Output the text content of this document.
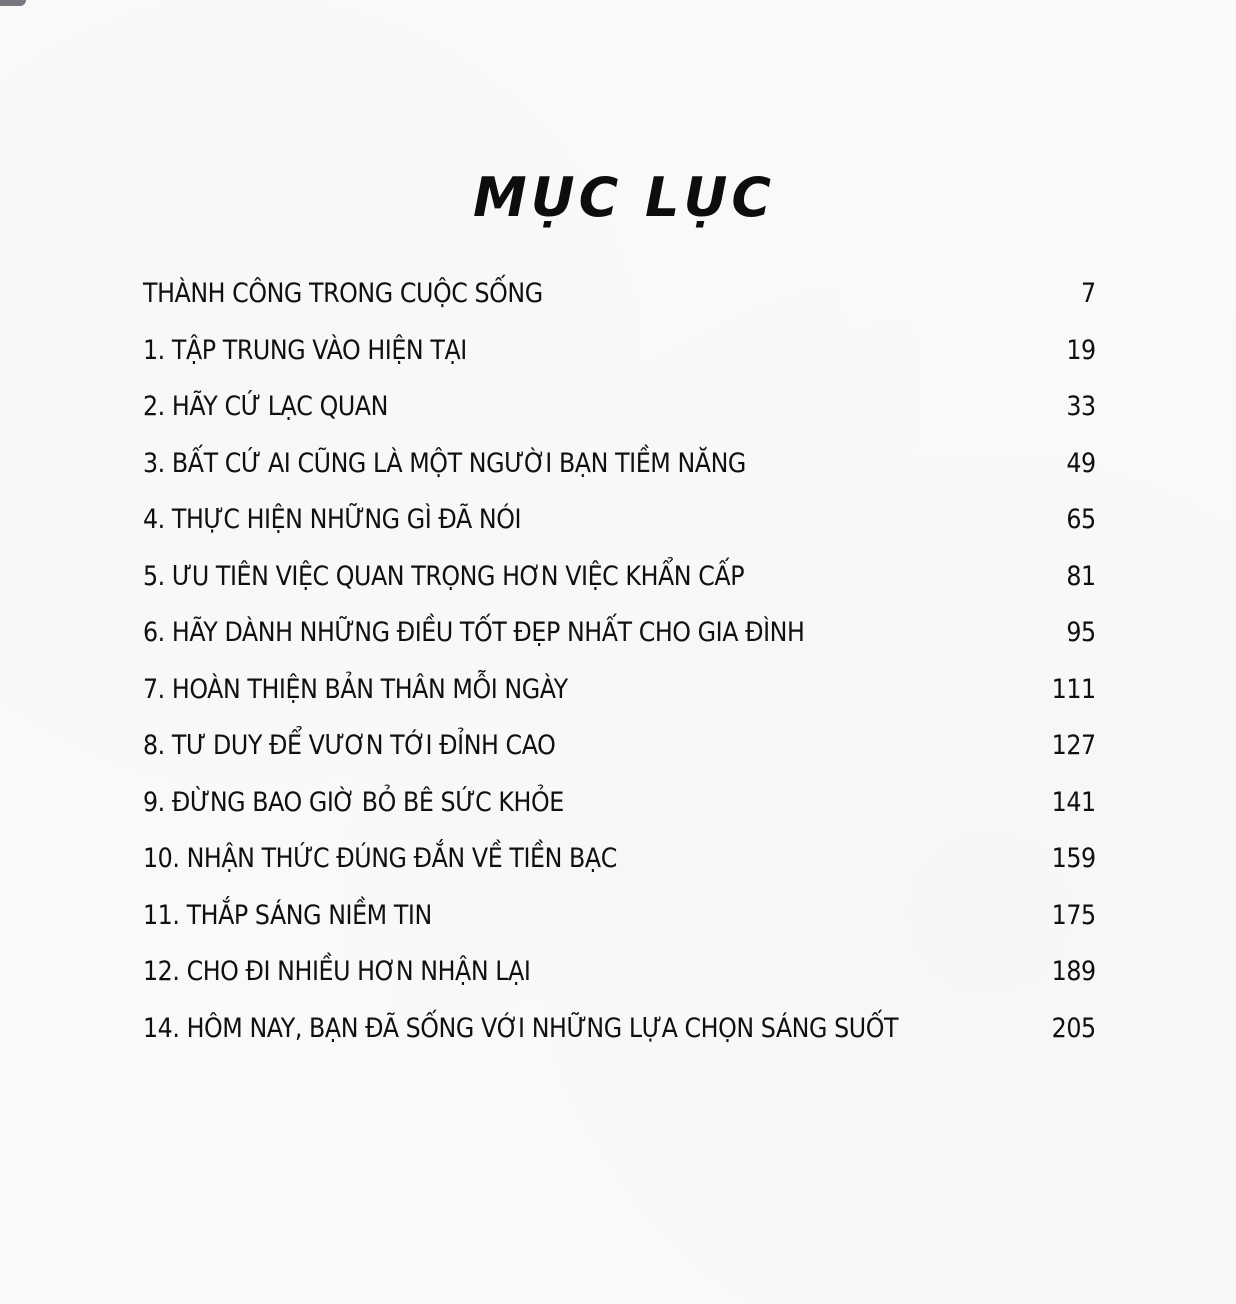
MỤC LỤC
THÀNH CÔNG TRONG CUỘC SỐNG	7
1. TẬP TRUNG VÀO HIỆN TẠI	19
2. HÃY CỨ LẠC QUAN	33
3. BẤT CỨ AI CŨNG LÀ MỘT NGƯỜI BẠN TIỀM NĂNG	49
4. THỰC HIỆN NHỮNG GÌ ĐÃ NÓI	65
5. ƯU TIÊN VIỆC QUAN TRỌNG HƠN VIỆC KHẨN CẤP	81
6. HÃY DÀNH NHỮNG ĐIỀU TỐT ĐẸP NHẤT CHO GIA ĐÌNH	95
7. HOÀN THIỆN BẢN THÂN MỖI NGÀY	111
8. TƯ DUY ĐỂ VƯƠN TỚI ĐỈNH CAO	127
9. ĐỪNG BAO GIỜ BỎ BÊ SỨC KHỎE	141
10. NHẬN THỨC ĐÚNG ĐẮN VỀ TIỀN BẠC	159
11. THẮP SÁNG NIỀM TIN	175
12. CHO ĐI NHIỀU HƠN NHẬN LẠI	189
14. HÔM NAY, BẠN ĐÃ SỐNG VỚI NHỮNG LỰA CHỌN SÁNG SUỐT	205
